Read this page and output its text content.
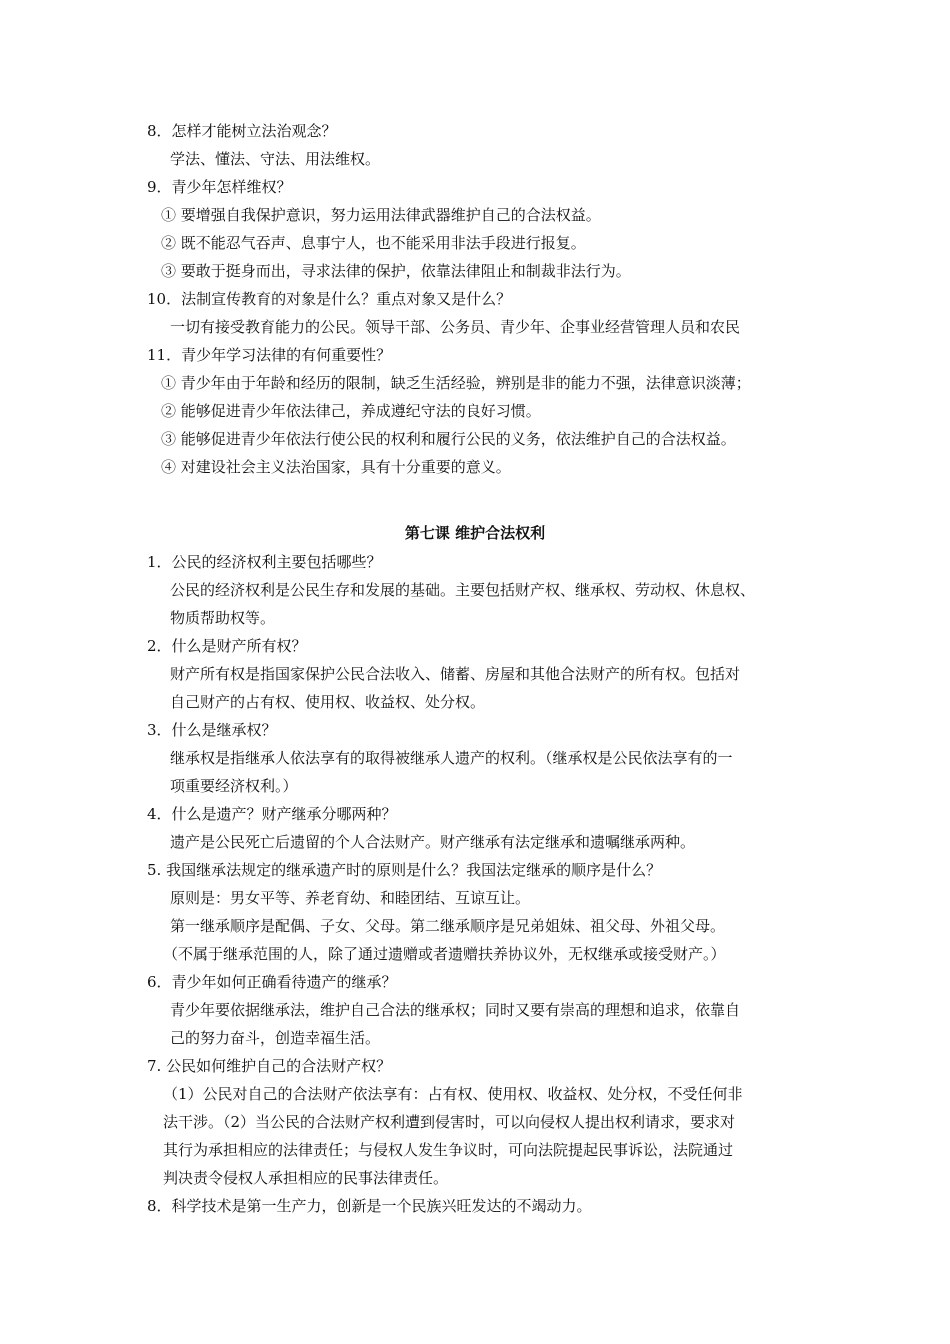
8．怎样才能树立法治观念？
学法、懂法、守法、用法维权。
9．青少年怎样维权？
① 要增强自我保护意识，努力运用法律武器维护自己的合法权益。
② 既不能忍气吞声、息事宁人，也不能采用非法手段进行报复。
③ 要敢于挺身而出，寻求法律的保护，依靠法律阻止和制裁非法行为。
10．法制宣传教育的对象是什么？重点对象又是什么？
一切有接受教育能力的公民。领导干部、公务员、青少年、企事业经营管理人员和农民
11．青少年学习法律的有何重要性？
① 青少年由于年龄和经历的限制，缺乏生活经验，辨别是非的能力不强，法律意识淡薄；
② 能够促进青少年依法律己，养成遵纪守法的良好习惯。
③ 能够促进青少年依法行使公民的权利和履行公民的义务，依法维护自己的合法权益。
④ 对建设社会主义法治国家，具有十分重要的意义。
第七课 维护合法权利
1．公民的经济权利主要包括哪些？
公民的经济权利是公民生存和发展的基础。主要包括财产权、继承权、劳动权、休息权、
物质帮助权等。
2．什么是财产所有权？
财产所有权是指国家保护公民合法收入、储蓄、房屋和其他合法财产的所有权。包括对
自己财产的占有权、使用权、收益权、处分权。
3．什么是继承权？
继承权是指继承人依法享有的取得被继承人遗产的权利。（继承权是公民依法享有的一
项重要经济权利。）
4．什么是遗产？财产继承分哪两种？
遗产是公民死亡后遗留的个人合法财产。财产继承有法定继承和遗嘱继承两种。
5. 我国继承法规定的继承遗产时的原则是什么？我国法定继承的顺序是什么？
原则是：男女平等、养老育幼、和睦团结、互谅互让。
第一继承顺序是配偶、子女、父母。第二继承顺序是兄弟姐妹、祖父母、外祖父母。
（不属于继承范围的人，除了通过遗赠或者遗赠扶养协议外，无权继承或接受财产。）
6．青少年如何正确看待遗产的继承？
青少年要依据继承法，维护自己合法的继承权；同时又要有崇高的理想和追求，依靠自
己的努力奋斗，创造幸福生活。
7. 公民如何维护自己的合法财产权？
（1）公民对自己的合法财产依法享有：占有权、使用权、收益权、处分权，不受任何非
法干涉。（2）当公民的合法财产权利遭到侵害时，可以向侵权人提出权利请求，要求对
其行为承担相应的法律责任；与侵权人发生争议时，可向法院提起民事诉讼，法院通过
判决责令侵权人承担相应的民事法律责任。
8．科学技术是第一生产力，创新是一个民族兴旺发达的不竭动力。
